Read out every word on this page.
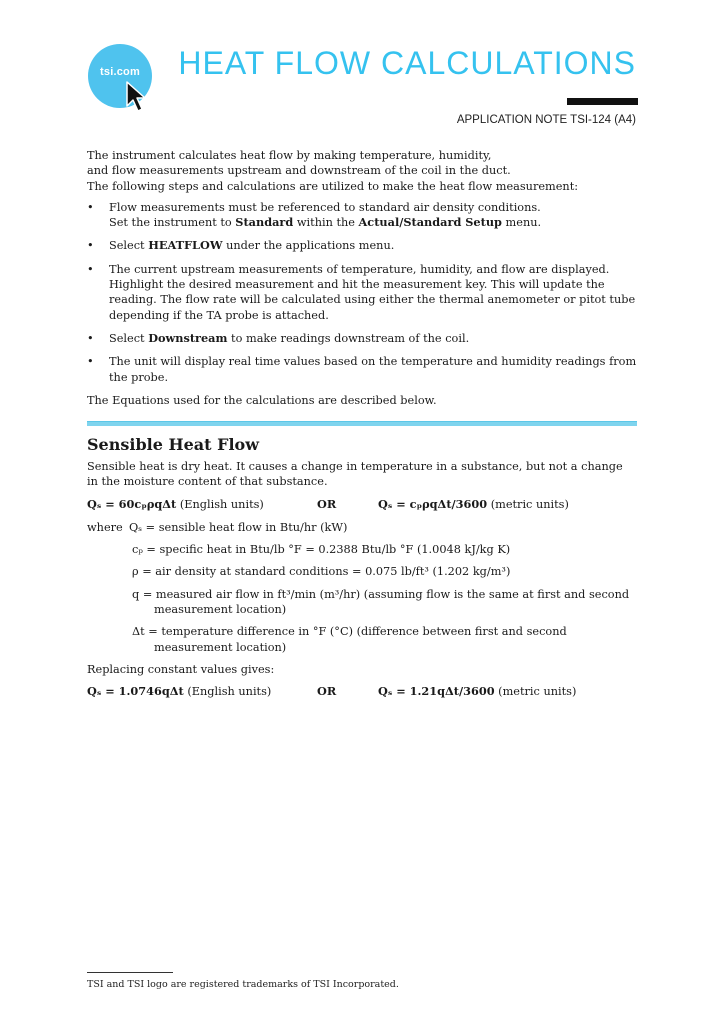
tsi.com	HEAT FLOW CALCULATIONS
APPLICATION NOTE TSI-124 (A4)

The instrument calculates heat flow by making temperature, humidity,

and flow measurements upstream and downstream of the coil in the duct.

The following steps and calculations are utilized to make the heat flow measurement:

• Flow measurements must be referenced to standard air density conditions.
Set the instrument to Standard within the Actual/Standard Setup menu.
• Select HEATFLOW under the applications menu.
• The current upstream measurements of temperature, humidity, and flow are displayed. Highlight the desired measurement and hit the measurement key. This will update the reading. The flow rate will be calculated using either the thermal anemometer or pitot tube depending if the TA probe is attached.
• Select Downstream to make readings downstream of the coil.
• The unit will display real time values based on the temperature and humidity readings from the probe.

The Equations used for the calculations are described below.

Sensible Heat Flow

Sensible heat is dry heat. It causes a change in temperature in a substance, but not a change in the moisture content of that substance.

Qₛ = 60cₚρqΔt (English units)	OR	Qₛ = cₚρqΔt/3600 (metric units)

where Qₛ = sensible heat flow in Btu/hr (kW)

cₚ = specific heat in Btu/lb °F = 0.2388 Btu/lb °F (1.0048 kJ/kg K)

ρ = air density at standard conditions = 0.075 lb/ft³ (1.202 kg/m³)

q = measured air flow in ft³/min (m³/hr) (assuming flow is the same at first and second measurement location)

Δt = temperature difference in °F (°C) (difference between first and second measurement location)

Replacing constant values gives:

Qₛ = 1.0746qΔt (English units)	OR	Qₛ = 1.21qΔt/3600 (metric units)
TSI and TSI logo are registered trademarks of TSI Incorporated.
